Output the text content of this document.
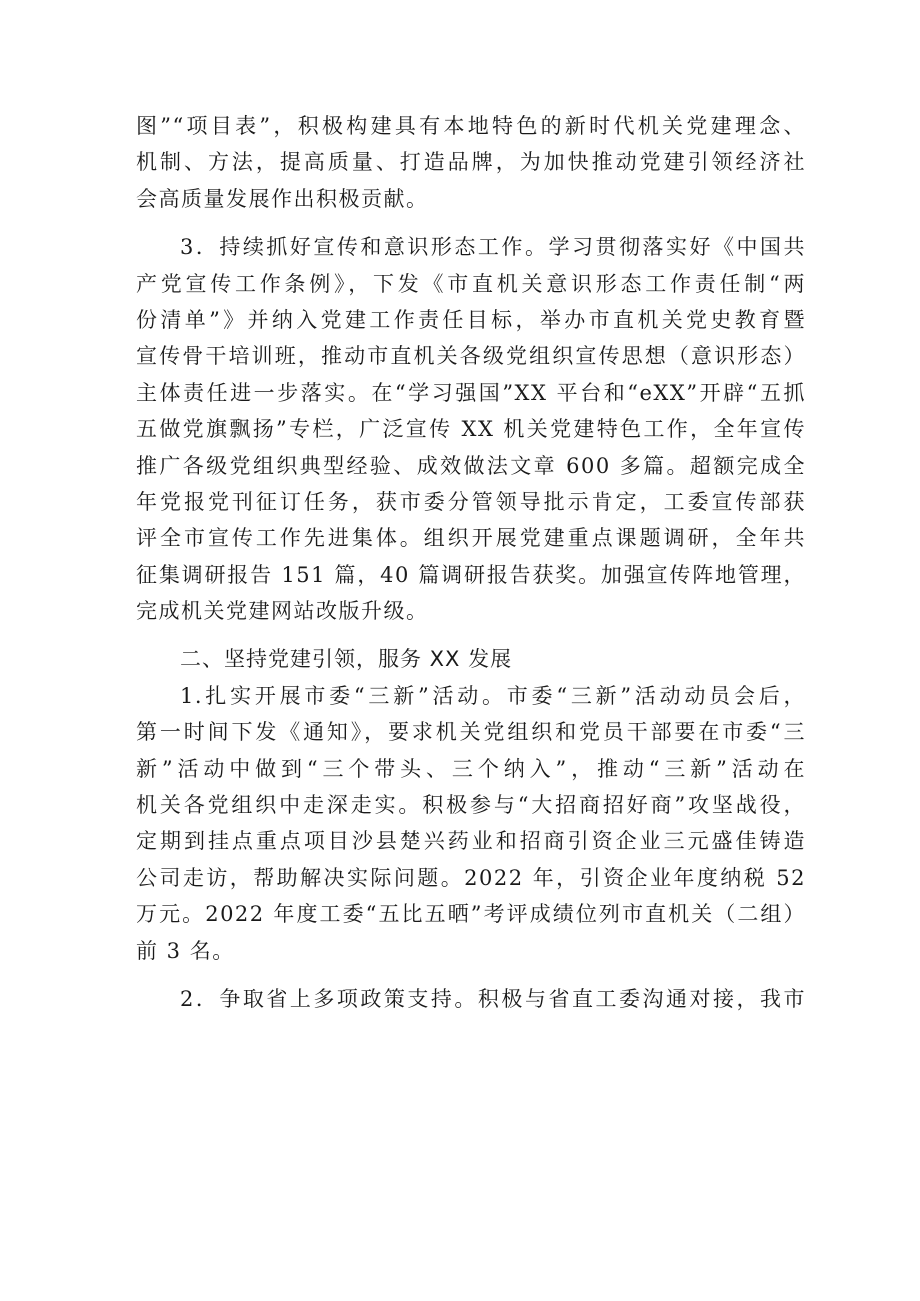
图”“项目表”，积极构建具有本地特色的新时代机关党建理念、
机制、方法，提高质量、打造品牌，为加快推动党建引领经济社
会高质量发展作出积极贡献。
3．持续抓好宣传和意识形态工作。学习贯彻落实好《中国共
产党宣传工作条例》，下发《市直机关意识形态工作责任制“两
份清单”》并纳入党建工作责任目标，举办市直机关党史教育暨
宣传骨干培训班，推动市直机关各级党组织宣传思想（意识形态）
主体责任进一步落实。在“学习强国”XX 平台和“eXX”开辟“五抓
五做党旗飘扬”专栏，广泛宣传 XX 机关党建特色工作，全年宣传
推广各级党组织典型经验、成效做法文章 600 多篇。超额完成全
年党报党刊征订任务，获市委分管领导批示肯定，工委宣传部获
评全市宣传工作先进集体。组织开展党建重点课题调研，全年共
征集调研报告 151 篇，40 篇调研报告获奖。加强宣传阵地管理，
完成机关党建网站改版升级。
二、坚持党建引领，服务 XX 发展
1.扎实开展市委“三新”活动。市委“三新”活动动员会后，
第一时间下发《通知》，要求机关党组织和党员干部要在市委“三
新”活动中做到“三个带头、三个纳入”，推动“三新”活动在
机关各党组织中走深走实。积极参与“大招商招好商”攻坚战役，
定期到挂点重点项目沙县楚兴药业和招商引资企业三元盛佳铸造
公司走访，帮助解决实际问题。2022 年，引资企业年度纳税 52
万元。2022 年度工委“五比五晒”考评成绩位列市直机关（二组）
前 3 名。
2．争取省上多项政策支持。积极与省直工委沟通对接，我市
